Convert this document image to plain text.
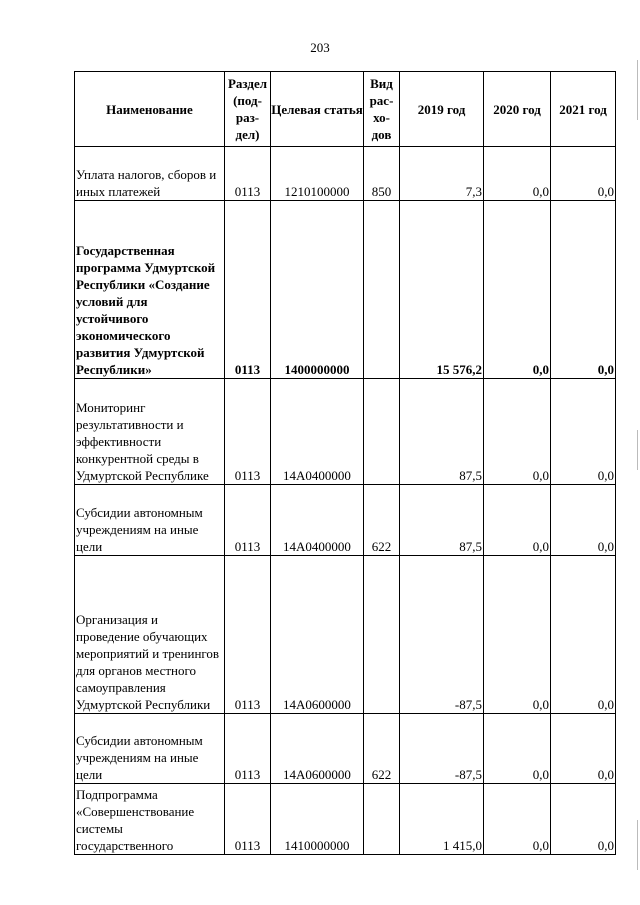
203
Наименование	Раздел (под-раз-дел)	Целевая статья	Вид рас-хо-дов	2019 год	2020 год	2021 год
Уплата налогов, сборов и иных платежей	0113	1210100000	850	7,3	0,0	0,0
Государственная программа Удмуртской Республики «Создание условий для устойчивого экономического развития Удмуртской Республики»	0113	1400000000		15 576,2	0,0	0,0
Мониторинг результативности и эффективности конкурентной среды в Удмуртской Республике	0113	14А0400000		87,5	0,0	0,0
Субсидии автономным учреждениям на иные цели	0113	14А0400000	622	87,5	0,0	0,0
Организация и проведение обучающих мероприятий и тренингов для органов местного самоуправления Удмуртской Республики	0113	14А0600000		-87,5	0,0	0,0
Субсидии автономным учреждениям на иные цели	0113	14А0600000	622	-87,5	0,0	0,0
Подпрограмма «Совершенствование системы государственного	0113	1410000000		1 415,0	0,0	0,0
